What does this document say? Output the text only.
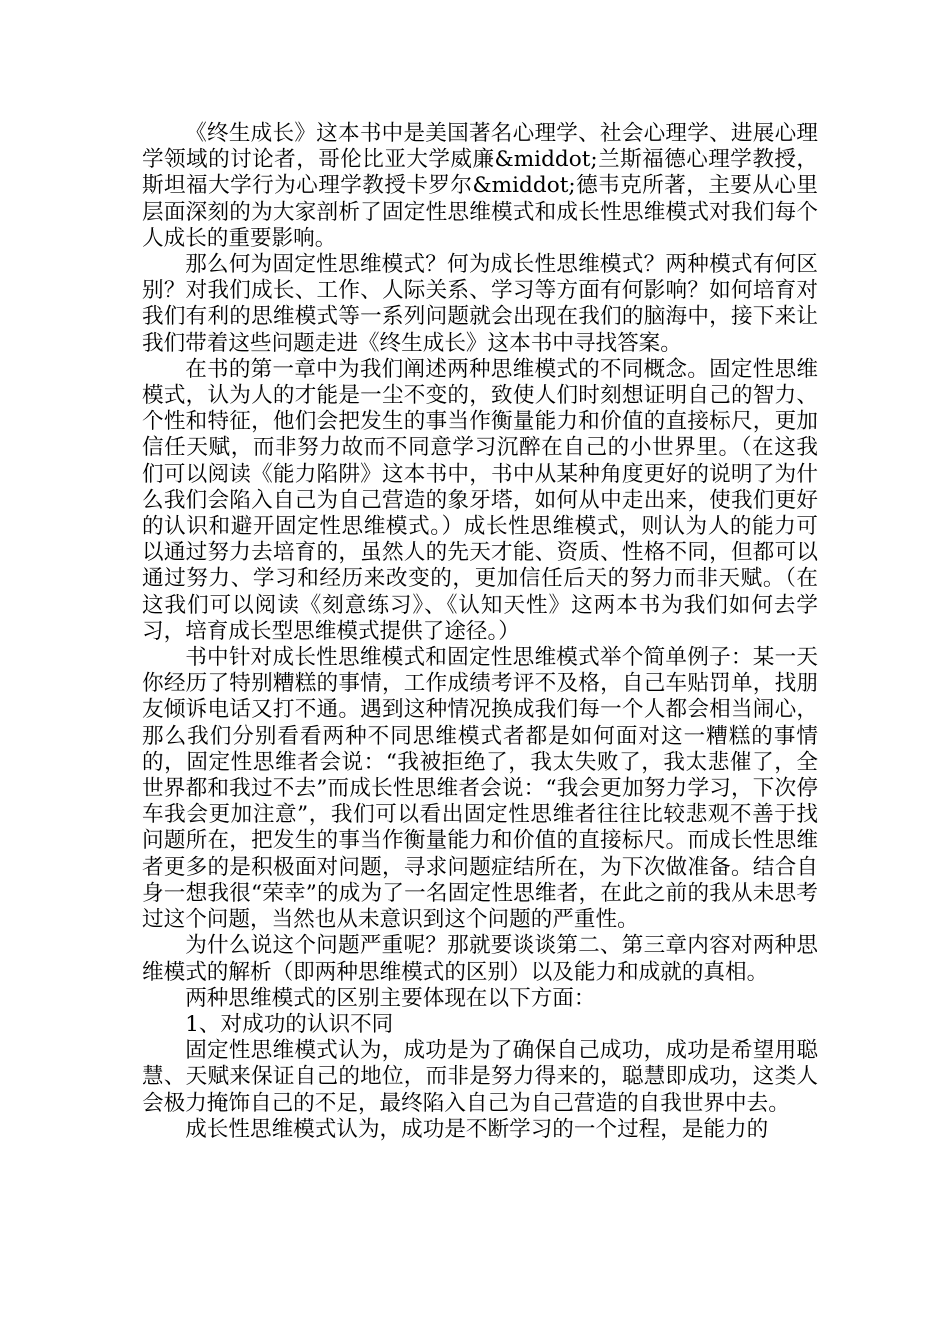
《终生成长》这本书中是美国著名心理学、社会心理学、进展心理学领域的讨论者，哥伦比亚大学威廉&middot;兰斯福德心理学教授，斯坦福大学行为心理学教授卡罗尔&middot;德韦克所著，主要从心里层面深刻的为大家剖析了固定性思维模式和成长性思维模式对我们每个人成长的重要影响。

那么何为固定性思维模式？何为成长性思维模式？两种模式有何区别？对我们成长、工作、人际关系、学习等方面有何影响？如何培育对我们有利的思维模式等一系列问题就会出现在我们的脑海中，接下来让我们带着这些问题走进《终生成长》这本书中寻找答案。

在书的第一章中为我们阐述两种思维模式的不同概念。固定性思维模式，认为人的才能是一尘不变的，致使人们时刻想证明自己的智力、个性和特征，他们会把发生的事当作衡量能力和价值的直接标尺，更加信任天赋，而非努力故而不同意学习沉醉在自己的小世界里。（在这我们可以阅读《能力陷阱》这本书中，书中从某种角度更好的说明了为什么我们会陷入自己为自己营造的象牙塔，如何从中走出来，使我们更好的认识和避开固定性思维模式。）成长性思维模式，则认为人的能力可以通过努力去培育的，虽然人的先天才能、资质、性格不同，但都可以通过努力、学习和经历来改变的，更加信任后天的努力而非天赋。（在这我们可以阅读《刻意练习》、《认知天性》这两本书为我们如何去学习，培育成长型思维模式提供了途径。）

书中针对成长性思维模式和固定性思维模式举个简单例子：某一天你经历了特别糟糕的事情，工作成绩考评不及格，自己车贴罚单，找朋友倾诉电话又打不通。遇到这种情况换成我们每一个人都会相当闹心，那么我们分别看看两种不同思维模式者都是如何面对这一糟糕的事情的，固定性思维者会说：“我被拒绝了，我太失败了，我太悲催了，全世界都和我过不去”而成长性思维者会说：“我会更加努力学习，下次停车我会更加注意”，我们可以看出固定性思维者往往比较悲观不善于找问题所在，把发生的事当作衡量能力和价值的直接标尺。而成长性思维者更多的是积极面对问题，寻求问题症结所在，为下次做准备。结合自身一想我很“荣幸”的成为了一名固定性思维者，在此之前的我从未思考过这个问题，当然也从未意识到这个问题的严重性。

为什么说这个问题严重呢？那就要谈谈第二、第三章内容对两种思维模式的解析（即两种思维模式的区别）以及能力和成就的真相。

两种思维模式的区别主要体现在以下方面：

1、对成功的认识不同

固定性思维模式认为，成功是为了确保自己成功，成功是希望用聪慧、天赋来保证自己的地位，而非是努力得来的，聪慧即成功，这类人会极力掩饰自己的不足，最终陷入自己为自己营造的自我世界中去。

成长性思维模式认为，成功是不断学习的一个过程，是能力的
